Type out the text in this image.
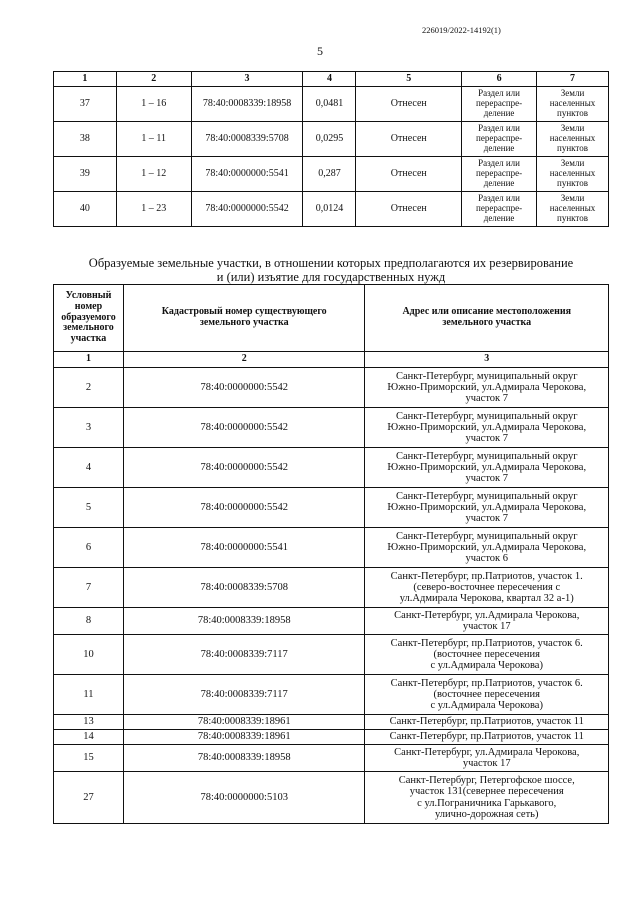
226019/2022-14192(1)
5
1	2	3	4	5	6	7
37	1 – 16	78:40:0008339:18958	0,0481	Отнесен	Раздел или
перераспре-
деление	Земли
населенных
пунктов
38	1 – 11	78:40:0008339:5708	0,0295	Отнесен	Раздел или
перераспре-
деление	Земли
населенных
пунктов
39	1 – 12	78:40:0000000:5541	0,287	Отнесен	Раздел или
перераспре-
деление	Земли
населенных
пунктов
40	1 – 23	78:40:0000000:5542	0,0124	Отнесен	Раздел или
перераспре-
деление	Земли
населенных
пунктов
Образуемые земельные участки, в отношении которых предполагаются их резервирование
и (или) изъятие для государственных нужд
Условный
номер
образуемого
земельного
участка	Кадастровый номер существующего
земельного участка	Адрес или описание местоположения
земельного участка
1	2	3
2	78:40:0000000:5542	Санкт-Петербург, муниципальный округ
Южно-Приморский, ул.Адмирала Черокова,
участок 7
3	78:40:0000000:5542	Санкт-Петербург, муниципальный округ
Южно-Приморский, ул.Адмирала Черокова,
участок 7
4	78:40:0000000:5542	Санкт-Петербург, муниципальный округ
Южно-Приморский, ул.Адмирала Черокова,
участок 7
5	78:40:0000000:5542	Санкт-Петербург, муниципальный округ
Южно-Приморский, ул.Адмирала Черокова,
участок 7
6	78:40:0000000:5541	Санкт-Петербург, муниципальный округ
Южно-Приморский, ул.Адмирала Черокова,
участок 6
7	78:40:0008339:5708	Санкт-Петербург, пр.Патриотов, участок 1.
(северо-восточнее пересечения с
ул.Адмирала Черокова, квартал 32 а-1)
8	78:40:0008339:18958	Санкт-Петербург, ул.Адмирала Черокова,
участок 17
10	78:40:0008339:7117	Санкт-Петербург, пр.Патриотов, участок 6.
(восточнее пересечения
с ул.Адмирала Черокова)
11	78:40:0008339:7117	Санкт-Петербург, пр.Патриотов, участок 6.
(восточнее пересечения
с ул.Адмирала Черокова)
13	78:40:0008339:18961	Санкт-Петербург, пр.Патриотов, участок 11
14	78:40:0008339:18961	Санкт-Петербург, пр.Патриотов, участок 11
15	78:40:0008339:18958	Санкт-Петербург, ул.Адмирала Черокова,
участок 17
27	78:40:0000000:5103	Санкт-Петербург, Петергофское шоссе,
участок 131(севернее пересечения
с ул.Пограничника Гарькавого,
улично-дорожная сеть)
